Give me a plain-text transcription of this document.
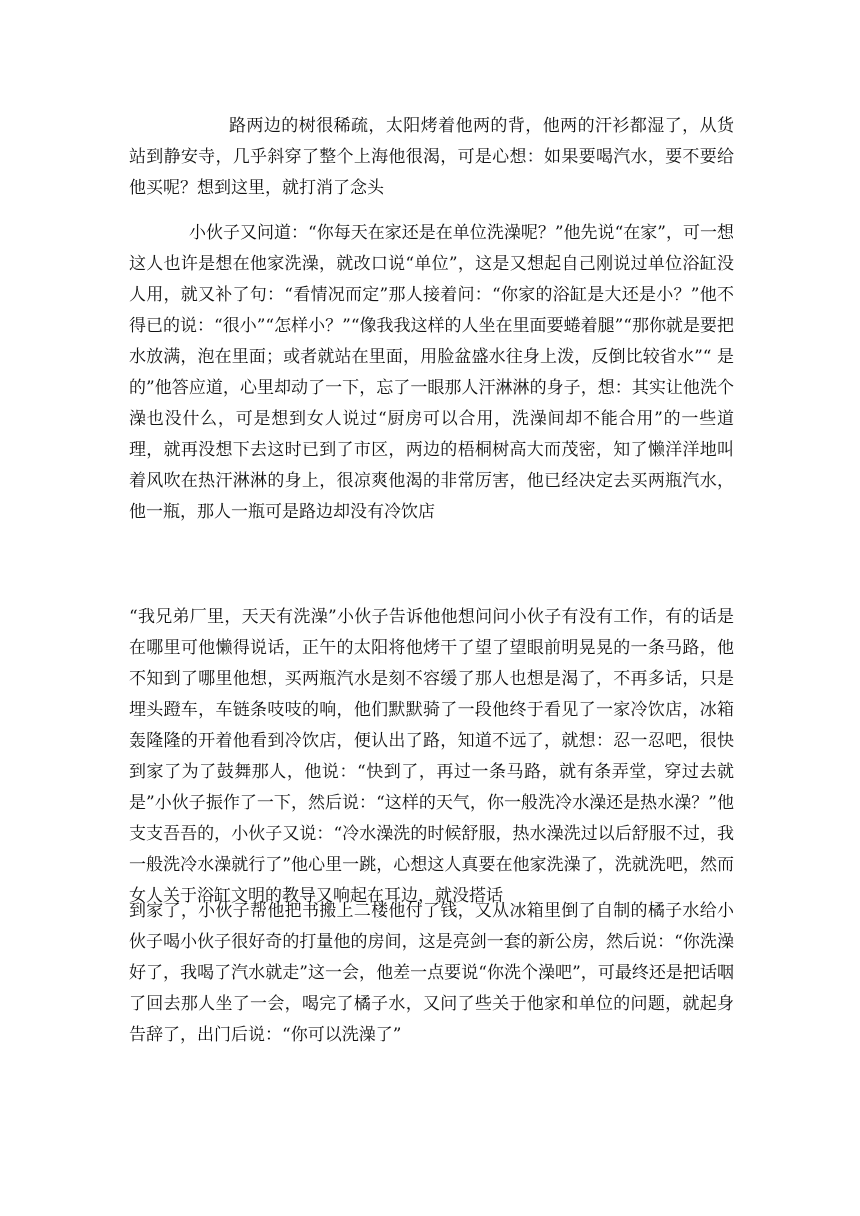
路两边的树很稀疏，太阳烤着他两的背，他两的汗衫都湿了，从货站到静安寺，几乎斜穿了整个上海他很渴，可是心想：如果要喝汽水，要不要给他买呢？想到这里，就打消了念头

小伙子又问道：“你每天在家还是在单位洗澡呢？”他先说“在家”，可一想这人也许是想在他家洗澡，就改口说“单位”，这是又想起自己刚说过单位浴缸没人用，就又补了句：“看情况而定”那人接着问：“你家的浴缸是大还是小？”他不得已的说：“很小”“怎样小？”“像我我这样的人坐在里面要蜷着腿”“那你就是要把水放满，泡在里面；或者就站在里面，用脸盆盛水往身上泼，反倒比较省水”“ 是的”他答应道，心里却动了一下，忘了一眼那人汗淋淋的身子，想：其实让他洗个澡也没什么，可是想到女人说过“厨房可以合用，洗澡间却不能合用”的一些道理，就再没想下去这时已到了市区，两边的梧桐树高大而茂密，知了懒洋洋地叫着风吹在热汗淋淋的身上，很凉爽他渴的非常厉害，他已经决定去买两瓶汽水，他一瓶，那人一瓶可是路边却没有冷饮店

“我兄弟厂里，天天有洗澡”小伙子告诉他他想问问小伙子有没有工作，有的话是在哪里可他懒得说话，正午的太阳将他烤干了望了望眼前明晃晃的一条马路，他不知到了哪里他想，买两瓶汽水是刻不容缓了那人也想是渴了，不再多话，只是埋头蹬车，车链条吱吱的响，他们默默骑了一段他终于看见了一家冷饮店，冰箱轰隆隆的开着他看到冷饮店，便认出了路，知道不远了，就想：忍一忍吧，很快到家了为了鼓舞那人，他说：“快到了，再过一条马路，就有条弄堂，穿过去就是”小伙子振作了一下，然后说：“这样的天气，你一般洗冷水澡还是热水澡？”他支支吾吾的，小伙子又说：“冷水澡洗的时候舒服，热水澡洗过以后舒服不过，我一般洗冷水澡就行了”他心里一跳，心想这人真要在他家洗澡了，洗就洗吧，然而女人关于浴缸文明的教导又响起在耳边，就没搭话

到家了，小伙子帮他把书搬上二楼他付了钱，又从冰箱里倒了自制的橘子水给小伙子喝小伙子很好奇的打量他的房间，这是亮剑一套的新公房，然后说：“你洗澡好了，我喝了汽水就走”这一会，他差一点要说“你洗个澡吧”，可最终还是把话咽了回去那人坐了一会，喝完了橘子水，又问了些关于他家和单位的问题，就起身告辞了，出门后说：“你可以洗澡了”
